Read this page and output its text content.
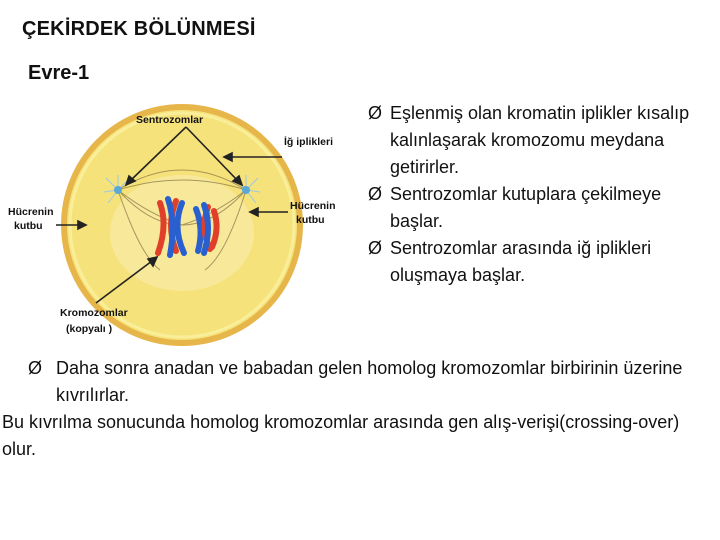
ÇEKİRDEK BÖLÜNMESİ
Evre-1
Sentrozomlar
İğ iplikleri
Hücrenin
kutbu
Hücrenin
kutbu
Kromozomlar
(kopyalı )
Ø Eşlenmiş olan kromatin iplikler kısalıp kalınlaşarak kromozomu meydana getirirler.
Ø Sentrozomlar kutuplara çekilmeye başlar.
Ø Sentrozomlar arasında iğ iplikleri oluşmaya başlar.
Ø Daha sonra anadan ve babadan gelen homolog kromozomlar birbirinin üzerine kıvrılırlar.
Bu kıvrılma sonucunda homolog kromozomlar arasında gen alış-verişi(crossing-over) olur.
